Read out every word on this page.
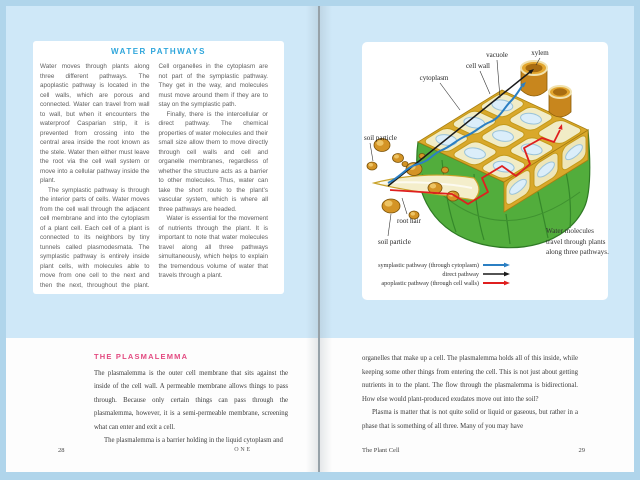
WATER PATHWAYS

Water moves through plants along three different pathways. The apoplastic pathway is located in the cell walls, which are porous and connected. Water can travel from wall to wall, but when it encounters the waterproof Casparian strip, it is prevented from crossing into the central area inside the root known as the stele. Water then either must leave the root via the cell wall system or move into a cellular pathway inside the plant.

The symplastic pathway is through the interior parts of cells. Water moves from the cell wall through the adjacent cell membrane and into the cytoplasm of a plant cell. Each cell of a plant is connected to its neighbors by tiny tunnels called plasmodesmata. The symplastic pathway is entirely inside plant cells, with molecules able to move from one cell to the next and then the next, throughout the plant. Cell organelles in the cytoplasm are not part of the symplastic pathway. They get in the way, and molecules must move around them if they are to stay on the symplastic path.

Finally, there is the intercellular or direct pathway. The chemical properties of water molecules and their small size allow them to move directly through cell walls and cell and organelle membranes, regardless of whether the structure acts as a barrier to other molecules. Thus, water can take the short route to the plant’s vascular system, which is where all three pathways are headed.

Water is essential for the movement of nutrients through the plant. It is important to note that water molecules travel along all three pathways simultaneously, which helps to explain the tremendous volume of water that travels through a plant.

vacuole	xylem
cell wall
cytoplasm
soil particle
root hair
soil particle
symplastic pathway (through cytoplasm)
direct pathway
apoplastic pathway (through cell walls)
Water molecules travel through plants along three pathways.
THE PLASMALEMMA

The plasmalemma is the outer cell membrane that sits against the inside of the cell wall. A permeable membrane allows things to pass through. Because only certain things can pass through the plasmalemma, however, it is a semi-permeable membrane, screening what can enter and exit a cell.

The plasmalemma is a barrier holding in the liquid cytoplasm and

organelles that make up a cell. The plasmalemma holds all of this inside, while keeping some other things from entering the cell. This is not just about getting nutrients in to the plant. The flow through the plasmalemma is bidirectional. How else would plant-produced exudates move out into the soil?

Plasma is matter that is not quite solid or liquid or gaseous, but rather in a phase that is something of all three. Many of you may have

28	ONE	The Plant Cell	29
